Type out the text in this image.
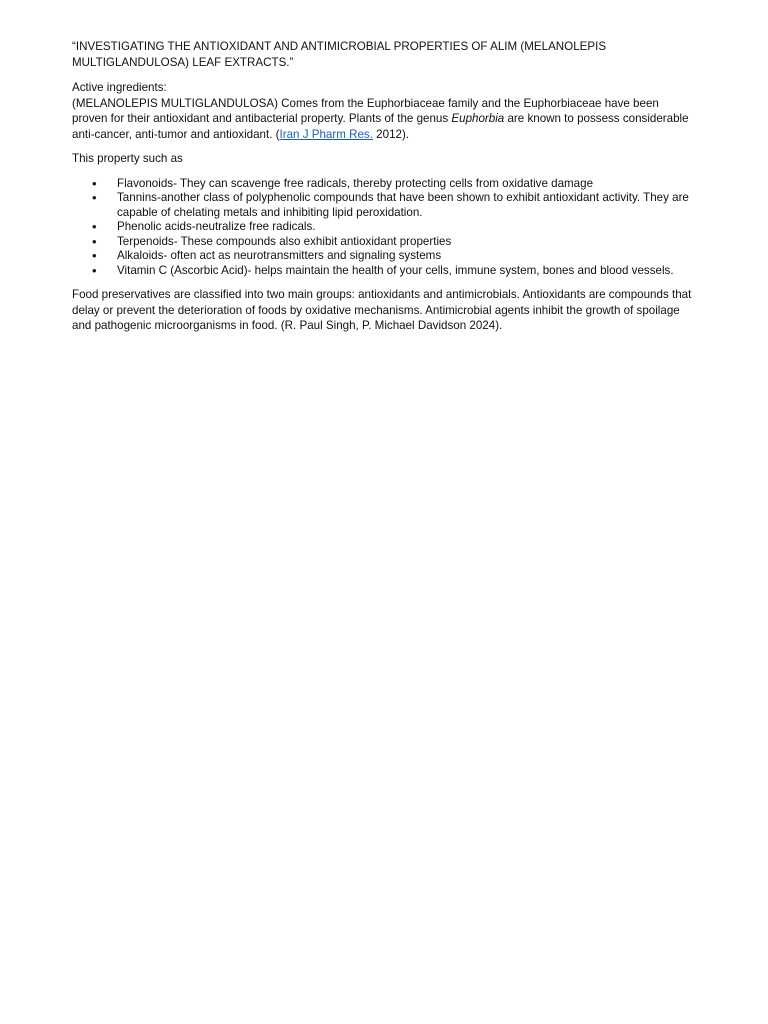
“INVESTIGATING THE ANTIOXIDANT AND ANTIMICROBIAL PROPERTIES OF ALIM (MELANOLEPIS MULTIGLANDULOSA) LEAF EXTRACTS.”

Active ingredients:

(MELANOLEPIS MULTIGLANDULOSA) Comes from the Euphorbiaceae family and the Euphorbiaceae have been proven for their antioxidant and antibacterial property. Plants of the genus Euphorbia are known to possess considerable anti-cancer, anti-tumor and antioxidant. (Iran J Pharm Res. 2012).

This property such as

• Flavonoids- They can scavenge free radicals, thereby protecting cells from oxidative damage
• Tannins-another class of polyphenolic compounds that have been shown to exhibit antioxidant activity. They are capable of chelating metals and inhibiting lipid peroxidation.
• Phenolic acids-neutralize free radicals.
• Terpenoids- These compounds also exhibit antioxidant properties
• Alkaloids- often act as neurotransmitters and signaling systems
• Vitamin C (Ascorbic Acid)- helps maintain the health of your cells, immune system, bones and blood vessels.

Food preservatives are classified into two main groups: antioxidants and antimicrobials. Antioxidants are compounds that delay or prevent the deterioration of foods by oxidative mechanisms. Antimicrobial agents inhibit the growth of spoilage and pathogenic microorganisms in food. (R. Paul Singh, P. Michael Davidson 2024).
